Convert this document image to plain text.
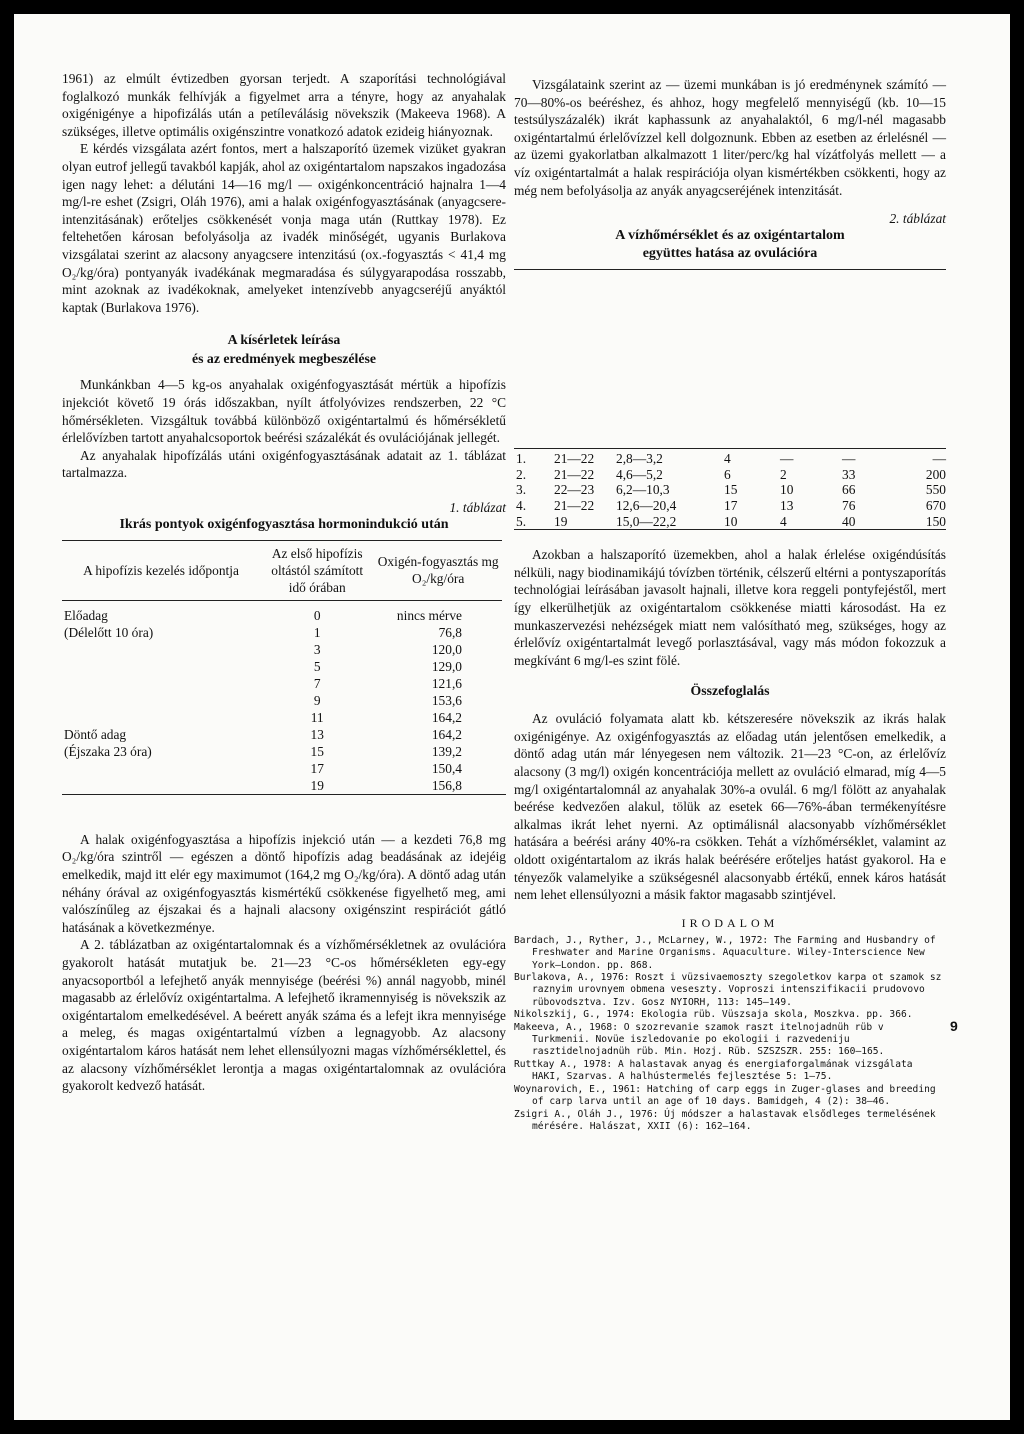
1961) az elmúlt évtizedben gyorsan terjedt. A szaporítási technológiával foglalkozó munkák felhívják a figyelmet arra a tényre, hogy az anyahalak oxigénigénye a hipofizálás után a petíleválásig növekszik (Makeeva 1968). A szükséges, illetve optimális oxigénszintre vonatkozó adatok ezideig hiányoznak.

E kérdés vizsgálata azért fontos, mert a halszaporító üzemek vizüket gyakran olyan eutrof jellegű tavakból kapják, ahol az oxigéntartalom napszakos ingadozása igen nagy lehet: a délutáni 14—16 mg/l — oxigénkoncentráció hajnalra 1—4 mg/l-re eshet (Zsigri, Oláh 1976), ami a halak oxigénfogyasztásának (anyagcsere-intenzitásának) erőteljes csökkenését vonja maga után (Ruttkay 1978). Ez feltehetően károsan befolyásolja az ivadék minőségét, ugyanis Burlakova vizsgálatai szerint az alacsony anyagcsere intenzitású (ox.-fogyasztás < 41,4 mg O₂/kg/óra) pontyanyák ivadékának megmaradása és súlygyarapodása rosszabb, mint azoknak az ivadékoknak, amelyeket intenzívebb anyagcseréjű anyáktól kaptak (Burlakova 1976).

A kísérletek leírása

és az eredmények megbeszélése

Munkánkban 4—5 kg-os anyahalak oxigénfogyasztását mértük a hipofízis injekciót követő 19 órás időszakban, nyílt átfolyóvizes rendszerben, 22 °C hőmérsékleten. Vizsgáltuk továbbá különböző oxigéntartalmú és hőmérsékletű érlelővízben tartott anyahalcsoportok beérési százalékát és ovulációjának jellegét.

Az anyahalak hipofízálás utáni oxigénfogyasztásának adatait az 1. táblázat tartalmazza.

1. táblázat

Ikrás pontyok oxigénfogyasztása hormonindukció után

A hipofízis kezelés időpontja	Az első hipofízis oltástól számított idő órában	Oxigén-fogyasztás mg O₂/kg/óra

Előadag	0	nincs mérve
(Délelőtt 10 óra)	1	76,8
	3	120,0
	5	129,0
	7	121,6
	9	153,6
	11	164,2
Döntő adag	13	164,2
(Éjszaka 23 óra)	15	139,2
	17	150,4
	19	156,8

A halak oxigénfogyasztása a hipofízis injekció után — a kezdeti 76,8 mg O₂/kg/óra szintről — egészen a döntő hipofízis adag beadásának az idejéig emelkedik, majd itt elér egy maximumot (164,2 mg O₂/kg/óra). A döntő adag után néhány órával az oxigénfogyasztás kismértékű csökkenése figyelhető meg, ami valószínűleg az éjszakai és a hajnali alacsony oxigénszint respirációt gátló hatásának a következménye.

A 2. táblázatban az oxigéntartalomnak és a vízhőmérsékletnek az ovulációra gyakorolt hatását mutatjuk be. 21—23 °C-os hőmérsékleten egy-egy anyacsoportból a lefejhető anyák mennyisége (beérési %) annál nagyobb, minél magasabb az érlelővíz oxigéntartalma. A lefejhető ikramennyiség is növekszik az oxigéntartalom emelkedésével. A beérett anyák száma és a lefejt ikra mennyisége a meleg, és magas oxigéntartalmú vízben a legnagyobb. Az alacsony oxigéntartalom káros hatását nem lehet ellensúlyozni magas vízhőmérséklettel, és az alacsony vízhőmérséklet lerontja a magas oxigéntartalomnak az ovulációra gyakorolt kedvező hatását.

Vizsgálataink szerint az — üzemi munkában is jó eredménynek számító — 70—80%-os beéréshez, és ahhoz, hogy megfelelő mennyiségű (kb. 10—15 testsúlyszázalék) ikrát kaphassunk az anyahalaktól, 6 mg/l-nél magasabb oxigéntartalmú érlelővízzel kell dolgoznunk. Ebben az esetben az érlelésnél — az üzemi gyakorlatban alkalmazott 1 liter/perc/kg hal vízátfolyás mellett — a víz oxigéntartalmát a halak respirációja olyan kismértékben csökkenti, hogy az még nem befolyásolja az anyák anyagcseréjének intenzitását.

2. táblázat

A vízhőmérséklet és az oxigéntartalom

együttes hatása az ovulációra

1.	21—22	2,8—3,2	4	—	—	—
2.	21—22	4,6—5,2	6	2	33	200
3.	22—23	6,2—10,3	15	10	66	550
4.	21—22	12,6—20,4	17	13	76	670
5.	19	15,0—22,2	10	4	40	150

Azokban a halszaporító üzemekben, ahol a halak érlelése oxigéndúsítás nélküli, nagy biodinamikájú tóvízben történik, célszerű eltérni a pontyszaporítás technológiai leírásában javasolt hajnali, illetve kora reggeli pontyfejéstől, mert így elkerülhetjük az oxigéntartalom csökkenése miatti károsodást. Ha ez munkaszervezési nehézségek miatt nem valósítható meg, szükséges, hogy az érlelővíz oxigéntartalmát levegő porlasztásával, vagy más módon fokozzuk a megkívánt 6 mg/l-es szint fölé.

Összefoglalás

Az ovuláció folyamata alatt kb. kétszeresére növekszik az ikrás halak oxigénigénye. Az oxigénfogyasztás az előadag után jelentősen emelkedik, a döntő adag után már lényegesen nem változik. 21—23 °C-on, az érlelővíz alacsony (3 mg/l) oxigén koncentrációja mellett az ovuláció elmarad, míg 4—5 mg/l oxigéntartalomnál az anyahalak 30%-a ovulál. 6 mg/l fölött az anyahalak beérése kedvezően alakul, tölük az esetek 66—76%-ában termékenyítésre alkalmas ikrát lehet nyerni. Az optimálisnál alacsonyabb vízhőmérséklet hatására a beérési arány 40%-ra csökken. Tehát a vízhőmérséklet, valamint az oldott oxigéntartalom az ikrás halak beérésére erőteljes hatást gyakorol. Ha e tényezők valamelyike a szükségesnél alacsonyabb értékű, ennek káros hatását nem lehet ellensúlyozni a másik faktor magasabb szintjével.

IRODALOM

Bardach, J., Ryther, J., McLarney, W., 1972: The Farming and Husbandry of Freshwater and Marine Organisms. Aquaculture. Wiley-Interscience New York—London. pp. 868.

Burlakova, A., 1976: Roszt i vüzsivaemoszty szegoletkov karpa ot szamok sz raznyim urovnyem obmena veseszty. Voproszi intenszifikacii prudovovo rübovodsztva. Izv. Gosz NYIORH, 113: 145—149.

Nikolszkij, G., 1974: Ekologia rüb. Vüszsaja skola, Moszkva. pp. 366.

Makeeva, A., 1968: O szozrevanie szamok raszt itelnojadnüh rüb v Turkmenii. Novüe iszledovanie po ekologii i razvedeniju rasztidelnojadnüh rüb. Min. Hozj. Rüb. SZSZSZR. 255: 160—165.

Ruttkay A., 1978: A halastavak anyag és energiaforgalmának vizsgálata HAKI, Szarvas. A halhústermelés fejlesztése 5: 1—75.

Woynarovich, E., 1961: Hatching of carp eggs in Zuger-glases and breeding of carp larva until an age of 10 days. Bamidgeh, 4 (2): 38—46.

Zsigri A., Oláh J., 1976: Új módszer a halastavak elsődleges termelésének mérésére. Halászat, XXII (6): 162—164.

9
